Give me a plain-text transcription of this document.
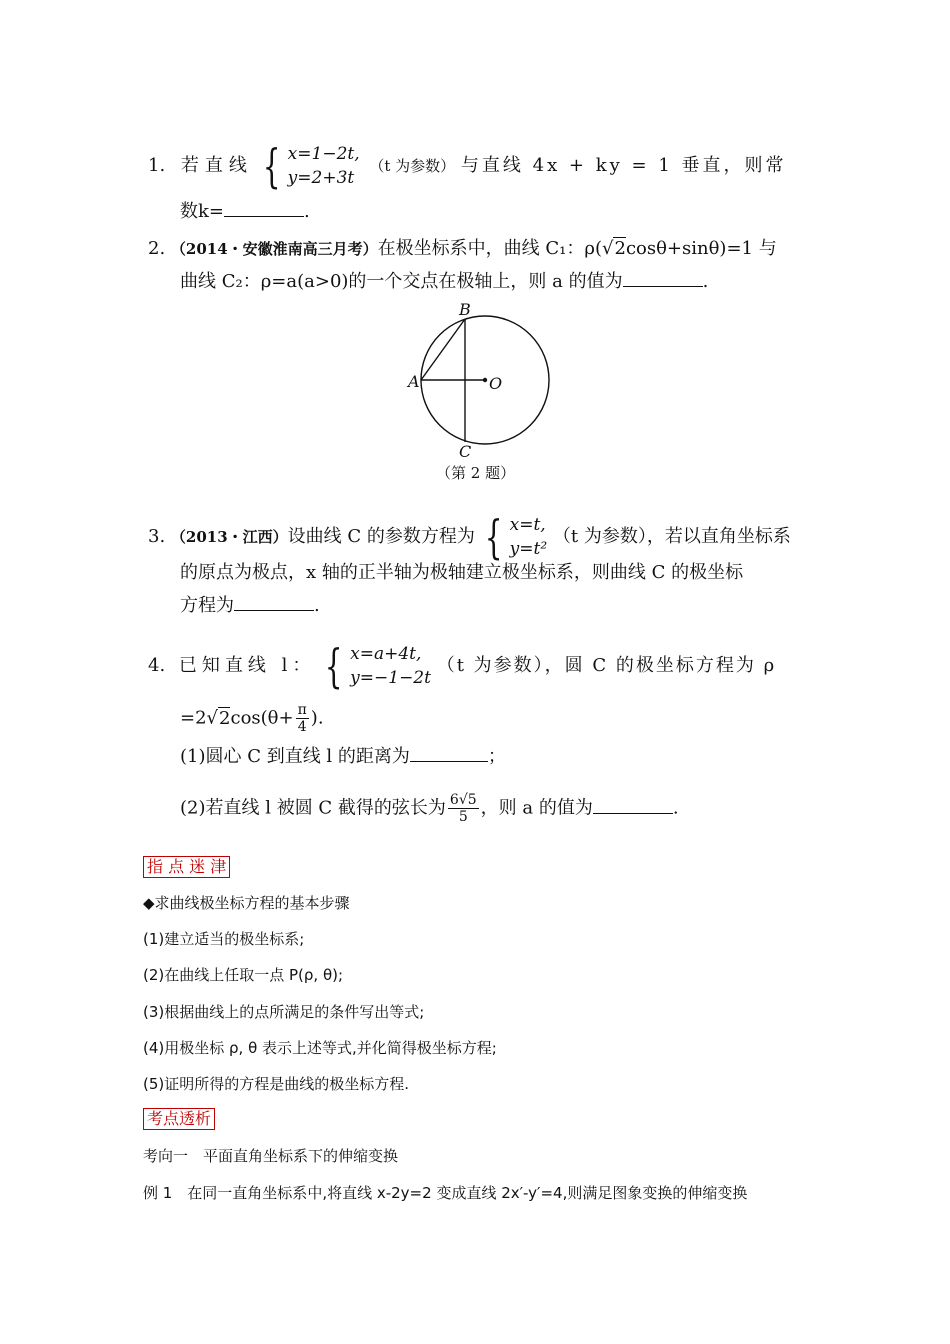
1. 若直线 { x=1−2t,
y=2+3t
（t 为参数） 与直线 4x + ky = 1 垂直，则常
数k=	.
2. （2014・安徽淮南高三月考）在极坐标系中，曲线 C₁：ρ(√2cosθ+sinθ)=1 与
曲线 C₂：ρ=a(a>0)的一个交点在极轴上，则 a 的值为	.
B
A	O
C
（第 2 题）
3. （2013・江西）设曲线 C 的参数方程为 { x=t,
y=t²
（t 为参数），若以直角坐标系
的原点为极点，x 轴的正半轴为极轴建立极坐标系，则曲线 C 的极坐标
方程为	.
4. 已知直线 l： { x=a+4t,
y=−1−2t
（t 为参数），圆 C 的极坐标方程为 ρ
$=2√2\cos(\theta+ \frac{\pi}{4}$ ).
(1)圆心 C 到直线 l 的距离为	；
(2)若直线 l 被圆 C 截得的弦长为 $\frac{6√5}{5}$ ，则 a 的值为	.
指 点 迷 津
◆求曲线极坐标方程的基本步骤
(1)建立适当的极坐标系;
(2)在曲线上任取一点 P(ρ, θ);
(3)根据曲线上的点所满足的条件写出等式;
(4)用极坐标 ρ, θ 表示上述等式,并化简得极坐标方程;
(5)证明所得的方程是曲线的极坐标方程.
考点透析
考向一　平面直角坐标系下的伸缩变换
例 1　在同一直角坐标系中,将直线 x-2y=2 变成直线 2x′-y′=4,则满足图象变换的伸缩变换
